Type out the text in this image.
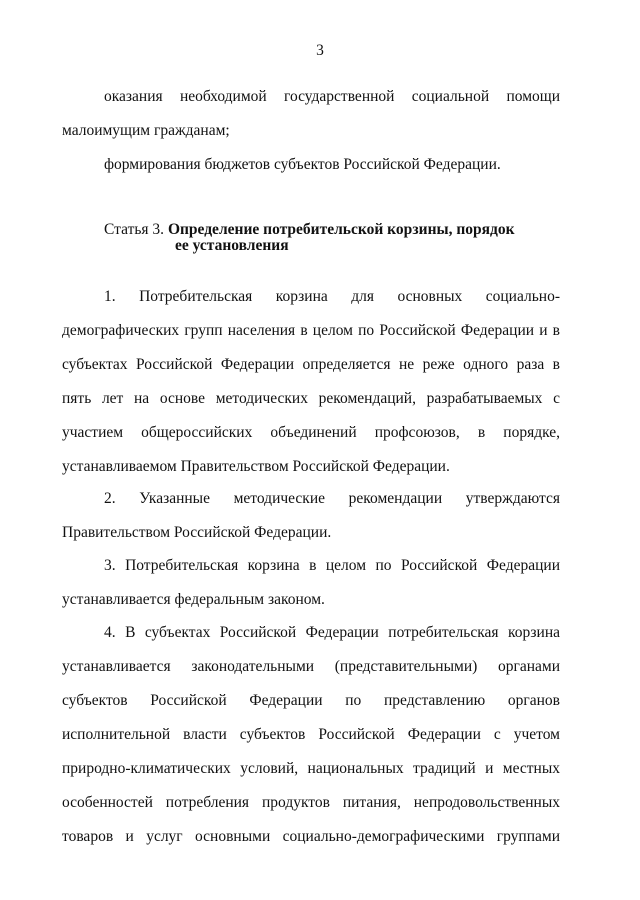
3
оказания необходимой государственной социальной помощи
малоимущим гражданам;
формирования бюджетов субъектов Российской Федерации.
Статья 3. Определение потребительской корзины, порядок
ее установления
1. Потребительская корзина для основных социально-
демографических групп населения в целом по Российской Федерации и в
субъектах Российской Федерации определяется не реже одного раза в
пять лет на основе методических рекомендаций, разрабатываемых с
участием общероссийских объединений профсоюзов, в порядке,
устанавливаемом Правительством Российской Федерации.
2. Указанные методические рекомендации утверждаются
Правительством Российской Федерации.
3. Потребительская корзина в целом по Российской Федерации
устанавливается федеральным законом.
4. В субъектах Российской Федерации потребительская корзина
устанавливается законодательными (представительными) органами
субъектов Российской Федерации по представлению органов
исполнительной власти субъектов Российской Федерации с учетом
природно-климатических условий, национальных традиций и местных
особенностей потребления продуктов питания, непродовольственных
товаров и услуг основными социально-демографическими группами
